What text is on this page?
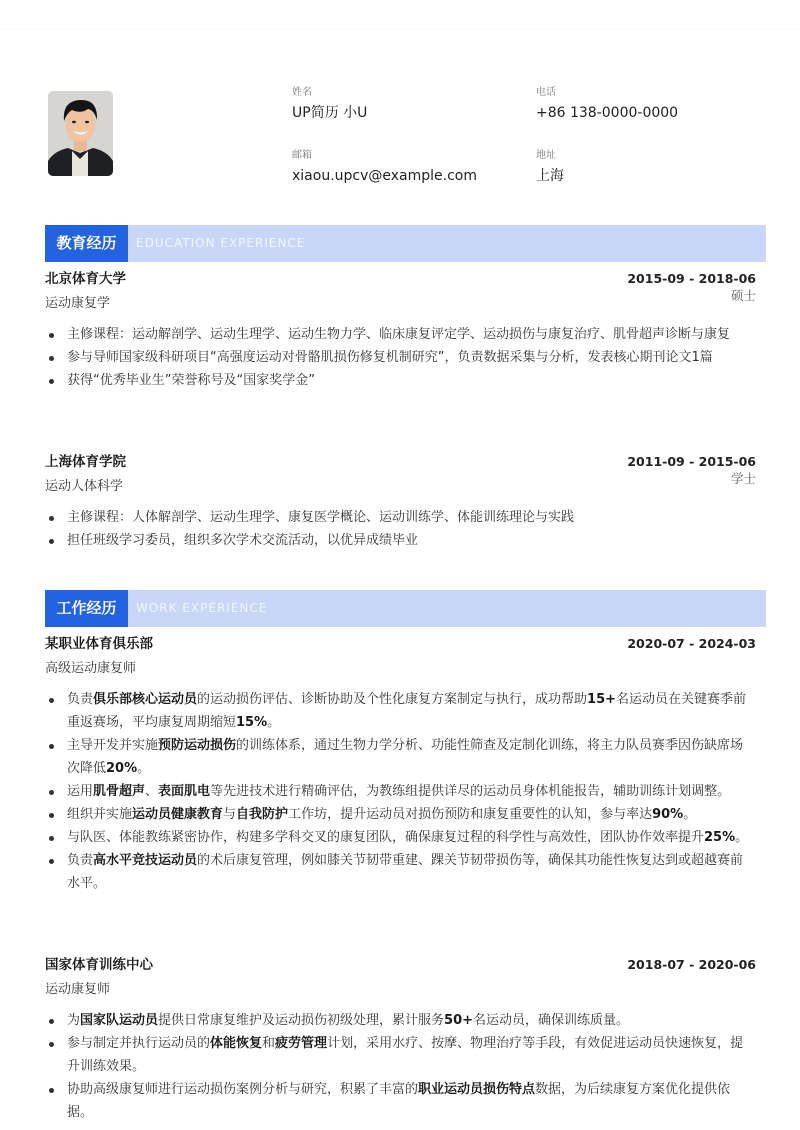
姓名
UP简历 小U
电话
+86 138-0000-0000
邮箱
xiaou.upcv@example.com
地址
上海
教育经历	EDUCATION EXPERIENCE
北京体育大学
运动康复学
2015-09 - 2018-06
硕士
主修课程：运动解剖学、运动生理学、运动生物力学、临床康复评定学、运动损伤与康复治疗、肌骨超声诊断与康复
参与导师国家级科研项目“高强度运动对骨骼肌损伤修复机制研究”，负责数据采集与分析，发表核心期刊论文1篇
获得“优秀毕业生”荣誉称号及“国家奖学金”
上海体育学院
运动人体科学
2011-09 - 2015-06
学士
主修课程：人体解剖学、运动生理学、康复医学概论、运动训练学、体能训练理论与实践
担任班级学习委员，组织多次学术交流活动，以优异成绩毕业
工作经历	WORK EXPERIENCE
某职业体育俱乐部
高级运动康复师
2020-07 - 2024-03
负责俱乐部核心运动员的运动损伤评估、诊断协助及个性化康复方案制定与执行，成功帮助15+名运动员在关键赛季前重返赛场，平均康复周期缩短15%。
主导开发并实施预防运动损伤的训练体系，通过生物力学分析、功能性筛查及定制化训练，将主力队员赛季因伤缺席场次降低20%。
运用肌骨超声、表面肌电等先进技术进行精确评估，为教练组提供详尽的运动员身体机能报告，辅助训练计划调整。
组织并实施运动员健康教育与自我防护工作坊，提升运动员对损伤预防和康复重要性的认知，参与率达90%。
与队医、体能教练紧密协作，构建多学科交叉的康复团队，确保康复过程的科学性与高效性，团队协作效率提升25%。
负责高水平竞技运动员的术后康复管理，例如膝关节韧带重建、踝关节韧带损伤等，确保其功能性恢复达到或超越赛前水平。
国家体育训练中心
运动康复师
2018-07 - 2020-06
为国家队运动员提供日常康复维护及运动损伤初级处理，累计服务50+名运动员，确保训练质量。
参与制定并执行运动员的体能恢复和疲劳管理计划，采用水疗、按摩、物理治疗等手段，有效促进运动员快速恢复，提升训练效果。
协助高级康复师进行运动损伤案例分析与研究，积累了丰富的职业运动员损伤特点数据，为后续康复方案优化提供依据。
